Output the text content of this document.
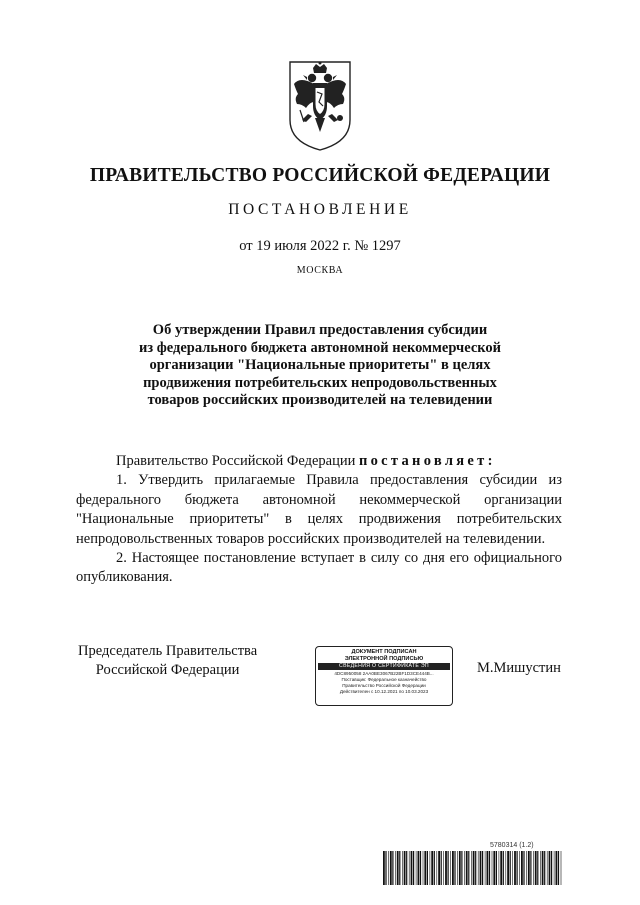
ПРАВИТЕЛЬСТВО РОССИЙСКОЙ ФЕДЕРАЦИИ
ПОСТАНОВЛЕНИЕ
от 19 июля 2022 г. № 1297
МОСКВА
Об утверждении Правил предоставления субсидии
из федерального бюджета автономной некоммерческой
организации "Национальные приоритеты" в целях
продвижения потребительских непродовольственных
товаров российских производителей на телевидении

Правительство Российской Федерации постановляет:

1. Утвердить прилагаемые Правила предоставления субсидии из федерального бюджета автономной некоммерческой организации "Национальные приоритеты" в целях продвижения потребительских непродовольственных товаров российских производителей на телевидении.

2. Настоящее постановление вступает в силу со дня его официального опубликования.

Председатель Правительства
Российской Федерации
ДОКУМЕНТ ПОДПИСАН
ЭЛЕКТРОННОЙ ПОДПИСЬЮ
СВЕДЕНИЯ О СЕРТИФИКАТЕ ЭП
4DC8950058 2AA0BE3067B22BF1D3CE444B...
Поставщик: Федеральное казначейство
Правительство Российской Федерации
Действителен с 10.12.2021 по 10.03.2023
М.Мишустин
5780314 (1.2)
